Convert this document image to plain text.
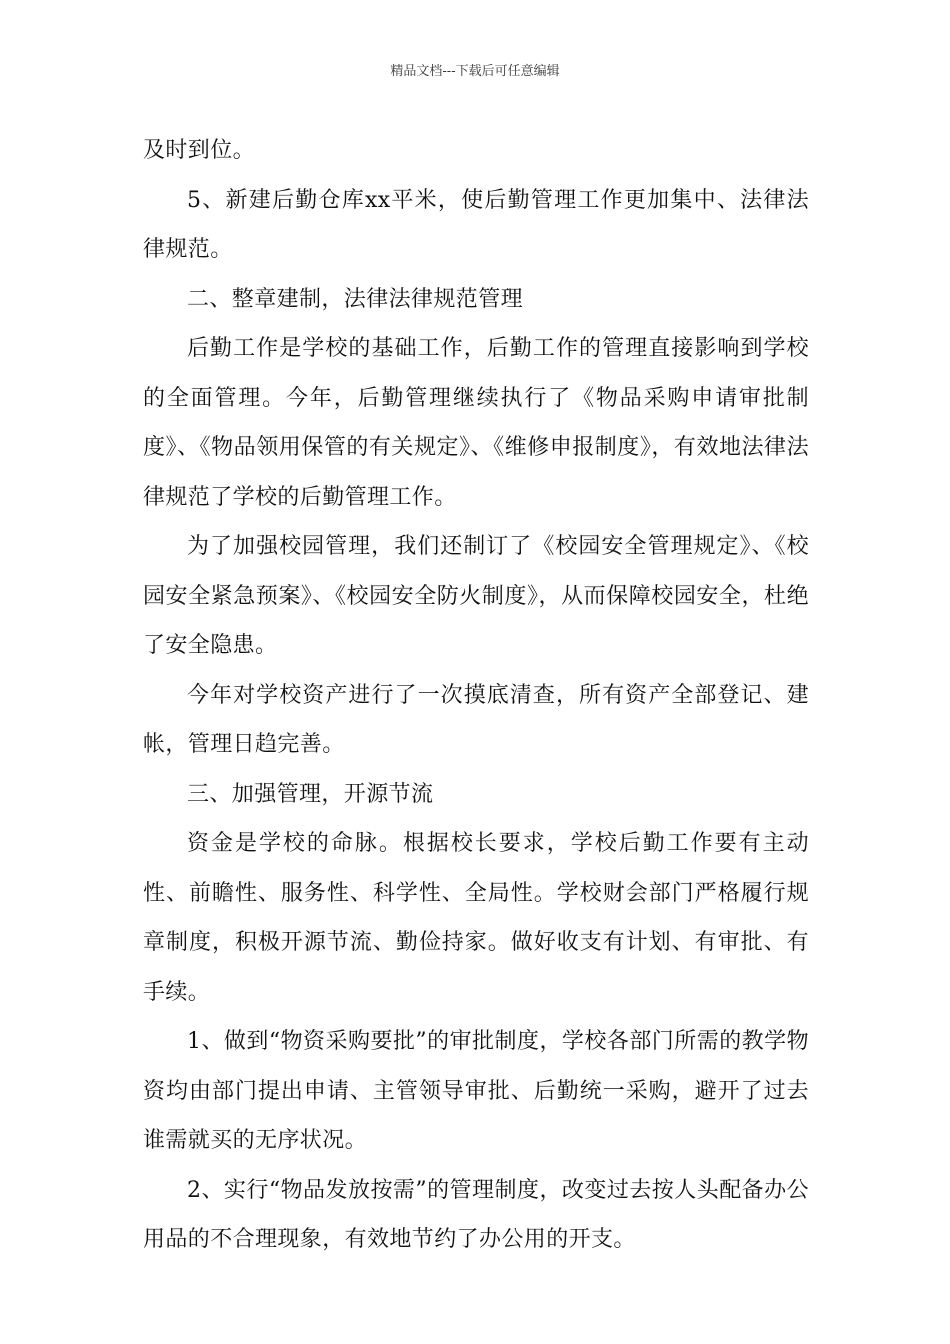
精品文档---下载后可任意编辑

及时到位。

5、新建后勤仓库xx平米，使后勤管理工作更加集中、法律法律规范。

二、整章建制，法律法律规范管理

后勤工作是学校的基础工作，后勤工作的管理直接影响到学校的全面管理。今年，后勤管理继续执行了《物品采购申请审批制度》、《物品领用保管的有关规定》、《维修申报制度》，有效地法律法律规范了学校的后勤管理工作。

为了加强校园管理，我们还制订了《校园安全管理规定》、《校园安全紧急预案》、《校园安全防火制度》，从而保障校园安全，杜绝了安全隐患。

今年对学校资产进行了一次摸底清查，所有资产全部登记、建帐，管理日趋完善。

三、加强管理，开源节流

资金是学校的命脉。根据校长要求，学校后勤工作要有主动性、前瞻性、服务性、科学性、全局性。学校财会部门严格履行规章制度，积极开源节流、勤俭持家。做好收支有计划、有审批、有手续。

1、做到“物资采购要批”的审批制度，学校各部门所需的教学物资均由部门提出申请、主管领导审批、后勤统一采购，避开了过去谁需就买的无序状况。

2、实行“物品发放按需”的管理制度，改变过去按人头配备办公用品的不合理现象，有效地节约了办公用的开支。
